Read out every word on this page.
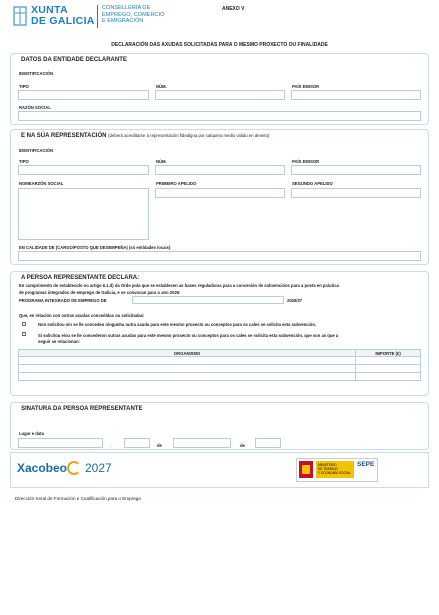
XUNTA
DE GALICIA
CONSELLERÍA DE
EMPREGO, COMERCIO
E EMIGRACIÓN
ANEXO V
DECLARACIÓN DAS AXUDAS SOLICITADAS PARA O MESMO PROXECTO OU FINALIDADE
DATOS DA ENTIDADE DECLARANTE
IDENTIFICACIÓN
TIPO	NÚM.	PAÍS EMISOR
RAZÓN SOCIAL
E NA SÚA REPRESENTACIÓN (deberá acreditarse a representación fidedigna por calquera medio válido en dereito)
IDENTIFICACIÓN
TIPO	NÚM.	PAÍS EMISOR
NOMEARZÓN SOCIAL	PRIMEIRO APELIDO	SEGUNDO APELIDO
EN CALIDADE DE (CARGO/POSTO QUE DESEMPEÑA) (só entidades locais)
A PERSOA REPRESENTANTE DECLARA:
En cumprimento do establecido no artigo 6.1.d) da Orde pola que se establecen as bases reguladoras para a concesión de subvencións para a posta en práctica
de programas integrados de emprego de Galicia, e se convocan para o ano 2026:
PROGRAMA INTEGRADO DE EMPREGO DE	2026/27
Que, en relación con outras axudas concedidas ou solicitadas:
Non solicitou nin se lle concedeu ningunha outra axuda para este mesmo proxecto ou conceptos para os cales se solicita esta subvención.
Si solicitou e/ou se lle concederon outras axudas para este mesmo proxecto ou conceptos para os cales se solicita esta subvención, que son as que a
seguir se relacionan:
ORGANISMO	IMPORTE (€)

SINATURA DA PERSOA REPRESENTANTE
Lugar e data
,	de	de
Xacobeo 2027	MINISTERIO
DE TRABAJO
Y ECONOMÍA SOCIAL
SEPE
Dirección Xeral de Formación e Cualificación para o Emprego
